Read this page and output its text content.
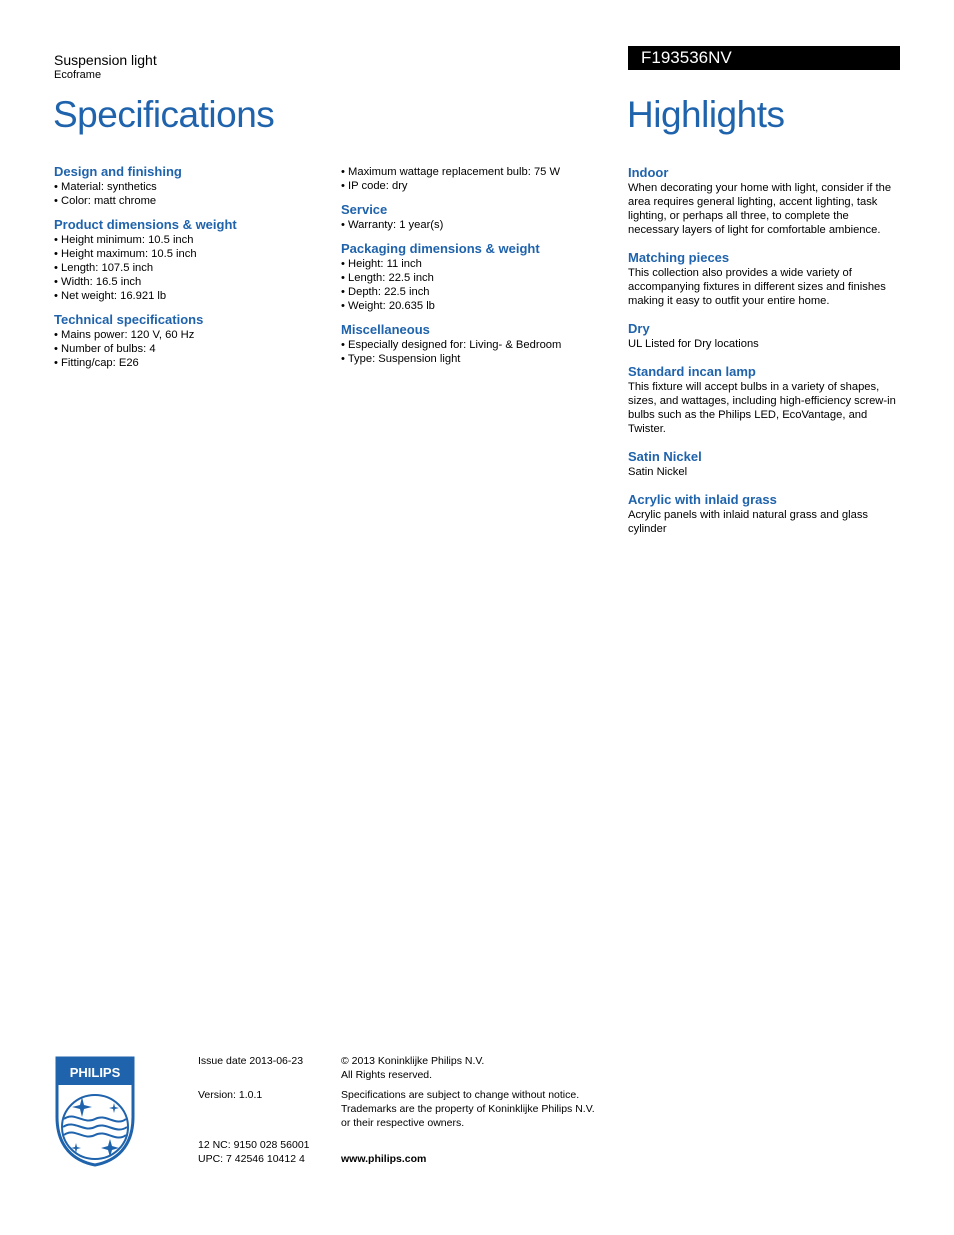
Suspension light
Ecoframe
F193536NV
Specifications	Highlights

Design and finishing

• Material: synthetics

• Color: matt chrome

Product dimensions & weight

• Height minimum: 10.5 inch

• Height maximum: 10.5 inch

• Length: 107.5 inch

• Width: 16.5 inch

• Net weight: 16.921 lb

Technical specifications

• Mains power: 120 V, 60 Hz

• Number of bulbs: 4

• Fitting/cap: E26

• Maximum wattage replacement bulb: 75 W

• IP code: dry

Service

• Warranty: 1 year(s)

Packaging dimensions & weight

• Height: 11 inch

• Length: 22.5 inch

• Depth: 22.5 inch

• Weight: 20.635 lb

Miscellaneous

• Especially designed for: Living- & Bedroom

• Type: Suspension light

Indoor

When decorating your home with light, consider if the

area requires general lighting, accent lighting, task

lighting, or perhaps all three, to complete the

necessary layers of light for comfortable ambience.

Matching pieces

This collection also provides a wide variety of

accompanying fixtures in different sizes and finishes

making it easy to outfit your entire home.

Dry

UL Listed for Dry locations

Standard incan lamp

This fixture will accept bulbs in a variety of shapes,

sizes, and wattages, including high-efficiency screw-in

bulbs such as the Philips LED, EcoVantage, and

Twister.

Satin Nickel

Satin Nickel

Acrylic with inlaid grass

Acrylic panels with inlaid natural grass and glass

cylinder

PHILIPS

Issue date 2013-06-23

Version: 1.0.1

12 NC: 9150 028 56001

UPC: 7 42546 10412 4

© 2013 Koninklijke Philips N.V.

All Rights reserved.

Specifications are subject to change without notice.

Trademarks are the property of Koninklijke Philips N.V.

or their respective owners.

www.philips.com
